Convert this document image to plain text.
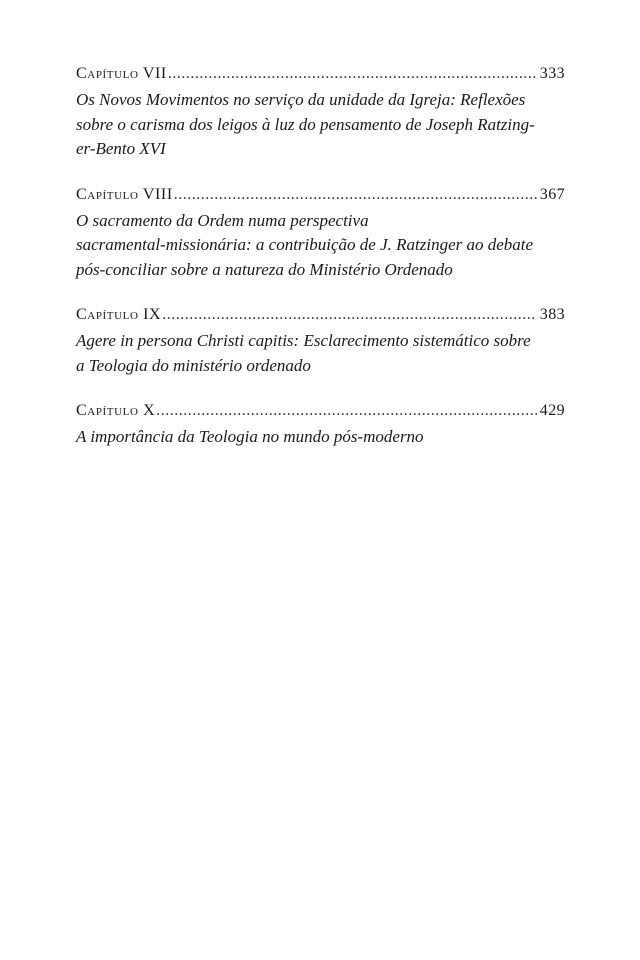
Capítulo VII .....	333
Os Novos Movimentos no serviço da unidade da Igreja: Reflexões
sobre o carisma dos leigos à luz do pensamento de Joseph Ratzing-
er-Bento XVI
Capítulo VIII .....	367
O sacramento da Ordem numa perspectiva
sacramental-missionária: a contribuição de J. Ratzinger ao debate
pós-conciliar sobre a natureza do Ministério Ordenado
Capítulo IX .....	383
Agere in persona Christi capitis: Esclarecimento sistemático sobre
a Teologia do ministério ordenado
Capítulo X .....	429
A importância da Teologia no mundo pós-moderno
